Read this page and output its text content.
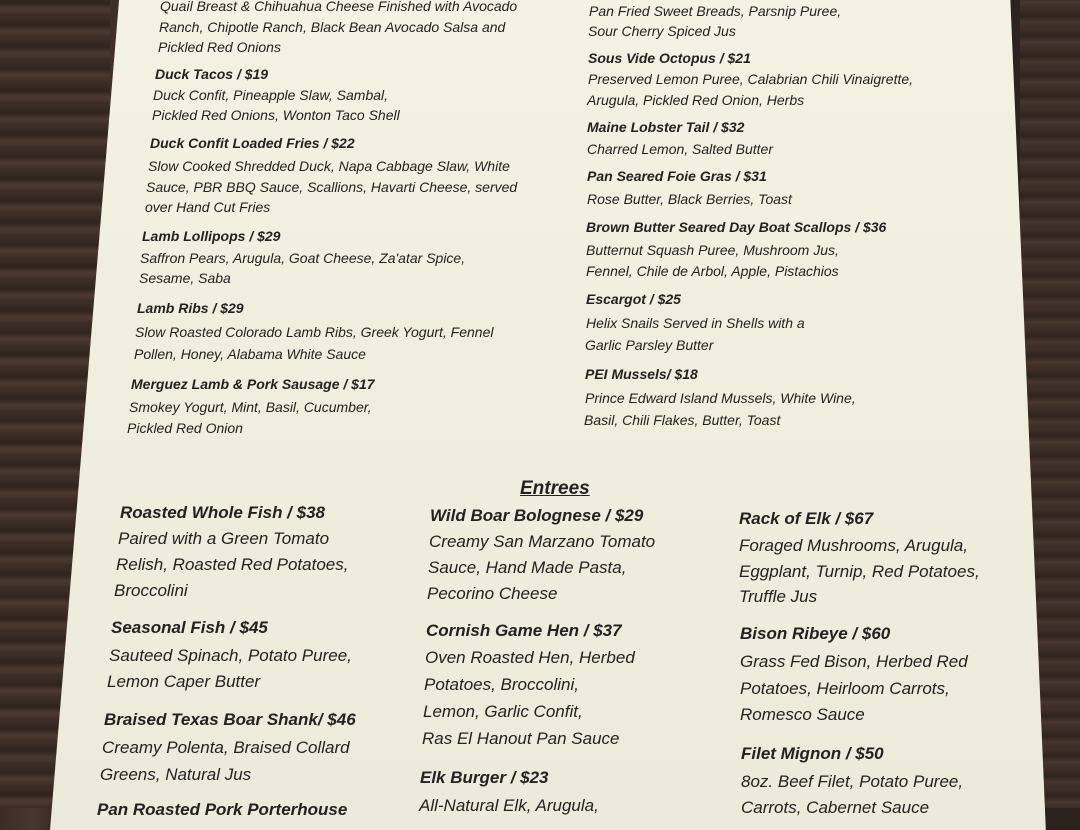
Quail Breast & Chihuahua Cheese Finished with Avocado
Ranch, Chipotle Ranch, Black Bean Avocado Salsa and
Pickled Red Onions
Duck Tacos / $19
Duck Confit, Pineapple Slaw, Sambal,
Pickled Red Onions, Wonton Taco Shell
Duck Confit Loaded Fries / $22
Slow Cooked Shredded Duck, Napa Cabbage Slaw, White
Sauce, PBR BBQ Sauce, Scallions, Havarti Cheese, served
over Hand Cut Fries
Lamb Lollipops / $29
Saffron Pears, Arugula, Goat Cheese, Za'atar Spice,
Sesame, Saba
Lamb Ribs / $29
Slow Roasted Colorado Lamb Ribs, Greek Yogurt, Fennel
Pollen, Honey, Alabama White Sauce
Merguez Lamb & Pork Sausage / $17
Smokey Yogurt, Mint, Basil, Cucumber,
Pickled Red Onion
Pan Fried Sweet Breads, Parsnip Puree,
Sour Cherry Spiced Jus
Sous Vide Octopus / $21
Preserved Lemon Puree, Calabrian Chili Vinaigrette,
Arugula, Pickled Red Onion, Herbs
Maine Lobster Tail / $32
Charred Lemon, Salted Butter
Pan Seared Foie Gras / $31
Rose Butter, Black Berries, Toast
Brown Butter Seared Day Boat Scallops / $36
Butternut Squash Puree, Mushroom Jus,
Fennel, Chile de Arbol, Apple, Pistachios
Escargot / $25
Helix Snails Served in Shells with a
Garlic Parsley Butter
PEI Mussels/ $18
Prince Edward Island Mussels, White Wine,
Basil, Chili Flakes, Butter, Toast
Entrees
Roasted Whole Fish / $38
Paired with a Green Tomato
Relish, Roasted Red Potatoes,
Broccolini
Seasonal Fish / $45
Sauteed Spinach, Potato Puree,
Lemon Caper Butter
Braised Texas Boar Shank/ $46
Creamy Polenta, Braised Collard
Greens, Natural Jus
Pan Roasted Pork Porterhouse
Wild Boar Bolognese / $29
Creamy San Marzano Tomato
Sauce, Hand Made Pasta,
Pecorino Cheese
Cornish Game Hen / $37
Oven Roasted Hen, Herbed
Potatoes, Broccolini,
Lemon, Garlic Confit,
Ras El Hanout Pan Sauce
Elk Burger / $23
All-Natural Elk, Arugula,
Rack of Elk / $67
Foraged Mushrooms, Arugula,
Eggplant, Turnip, Red Potatoes,
Truffle Jus
Bison Ribeye / $60
Grass Fed Bison, Herbed Red
Potatoes, Heirloom Carrots,
Romesco Sauce
Filet Mignon / $50
8oz. Beef Filet, Potato Puree,
Carrots, Cabernet Sauce
